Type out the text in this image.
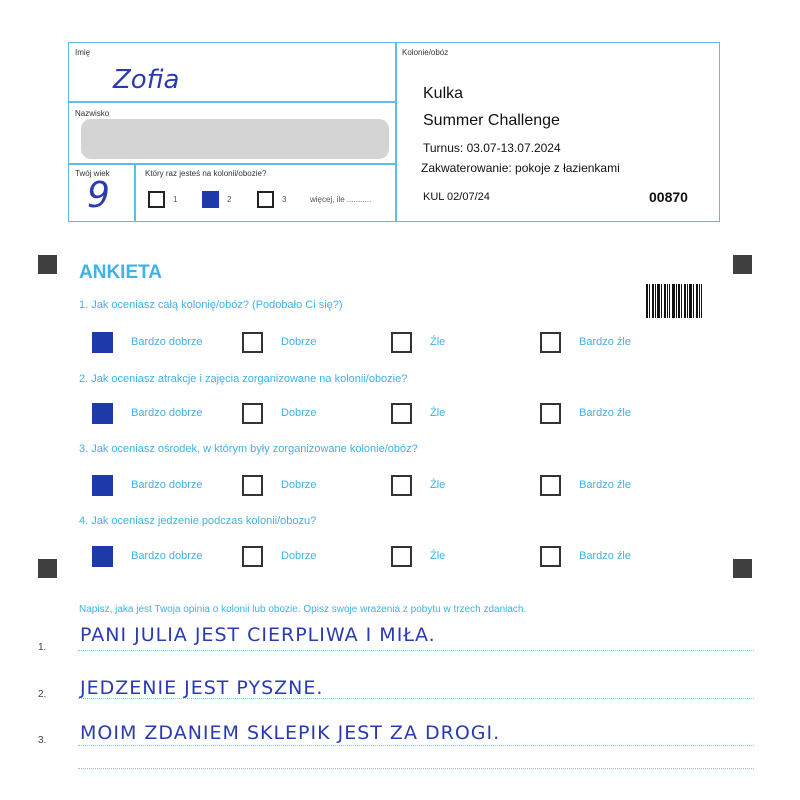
Imię
Zofia
Nazwisko
Twój wiek
9
Który raz jesteś na kolonii/obozie?
1	2	3	więcej, ile ...........
Kolonie/obóz
Kulka
Summer Challenge
Turnus: 03.07-13.07.2024
Zakwaterowanie: pokoje z łazienkami
KUL 02/07/24	00870
ANKIETA
1. Jak oceniasz całą kolonię/obóz? (Podobało Ci się?)
Bardzo dobrze	Dobrze	Źle	Bardzo źle
2. Jak oceniasz atrakcje i zajęcia zorganizowane na kolonii/obozie?
Bardzo dobrze	Dobrze	Źle	Bardzo źle
3. Jak oceniasz ośrodek, w którym były zorganizowane kolonie/obóz?
Bardzo dobrze	Dobrze	Źle	Bardzo źle
4. Jak oceniasz jedzenie podczas kolonii/obozu?
Bardzo dobrze	Dobrze	Źle	Bardzo źle
Napisz, jaka jest Twoja opinia o kolonii lub obozie. Opisz swoje wrażenia z pobytu w trzech zdaniach.
1.
PANI JULIA JEST CIERPLIWA I MIŁA.
2. JEDZENIE JEST PYSZNE.
3. MOIM ZDANIEM SKLEPIK JEST ZA DROGI.
